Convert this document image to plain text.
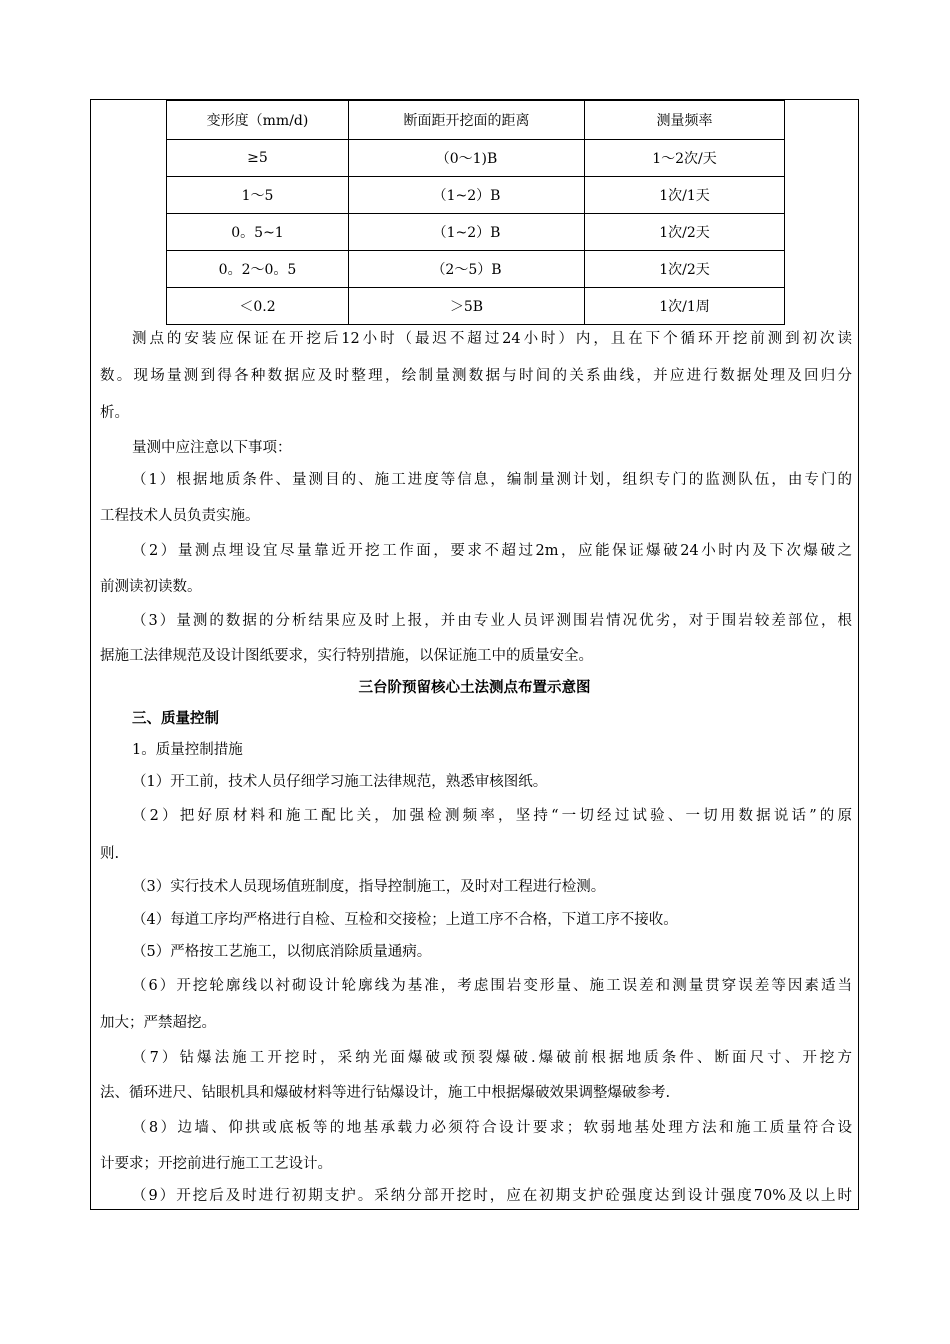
变形度（mm/d)	断面距开挖面的距离	测量频率
≥5	（0～1)B	1～2次/天
1～5	（1~2）B	1次/1天
0。5~1	（1~2）B	1次/2天
0。2～0。5	（2～5）B	1次/2天
＜0.2	＞5B	1次/1周
测点的安装应保证在开挖后12小时（最迟不超过24小时）内，且在下个循环开挖前测到初次读
数。现场量测到得各种数据应及时整理，绘制量测数据与时间的关系曲线，并应进行数据处理及回归分
析。
量测中应注意以下事项：
（1）根据地质条件、量测目的、施工进度等信息，编制量测计划，组织专门的监测队伍，由专门的
工程技术人员负责实施。
（2）量测点埋设宜尽量靠近开挖工作面，要求不超过2m，应能保证爆破24小时内及下次爆破之
前测读初读数。
（3）量测的数据的分析结果应及时上报，并由专业人员评测围岩情况优劣，对于围岩较差部位，根
据施工法律规范及设计图纸要求，实行特别措施，以保证施工中的质量安全。
三台阶预留核心土法测点布置示意图
三、质量控制
1。质量控制措施
（1）开工前，技术人员仔细学习施工法律规范，熟悉审核图纸。
（2）把好原材料和施工配比关，加强检测频率，坚持“一切经过试验、一切用数据说话”的原
则.
（3）实行技术人员现场值班制度，指导控制施工，及时对工程进行检测。
（4）每道工序均严格进行自检、互检和交接检；上道工序不合格，下道工序不接收。
（5）严格按工艺施工，以彻底消除质量通病。
（6）开挖轮廓线以衬砌设计轮廓线为基准，考虑围岩变形量、施工误差和测量贯穿误差等因素适当
加大；严禁超挖。
（7）钻爆法施工开挖时，采纳光面爆破或预裂爆破.爆破前根据地质条件、断面尺寸、开挖方
法、循环进尺、钻眼机具和爆破材料等进行钻爆设计，施工中根据爆破效果调整爆破参考.
（8）边墙、仰拱或底板等的地基承载力必须符合设计要求；软弱地基处理方法和施工质量符合设
计要求；开挖前进行施工工艺设计。
（9）开挖后及时进行初期支护。采纳分部开挖时，应在初期支护砼强度达到设计强度70%及以上时
